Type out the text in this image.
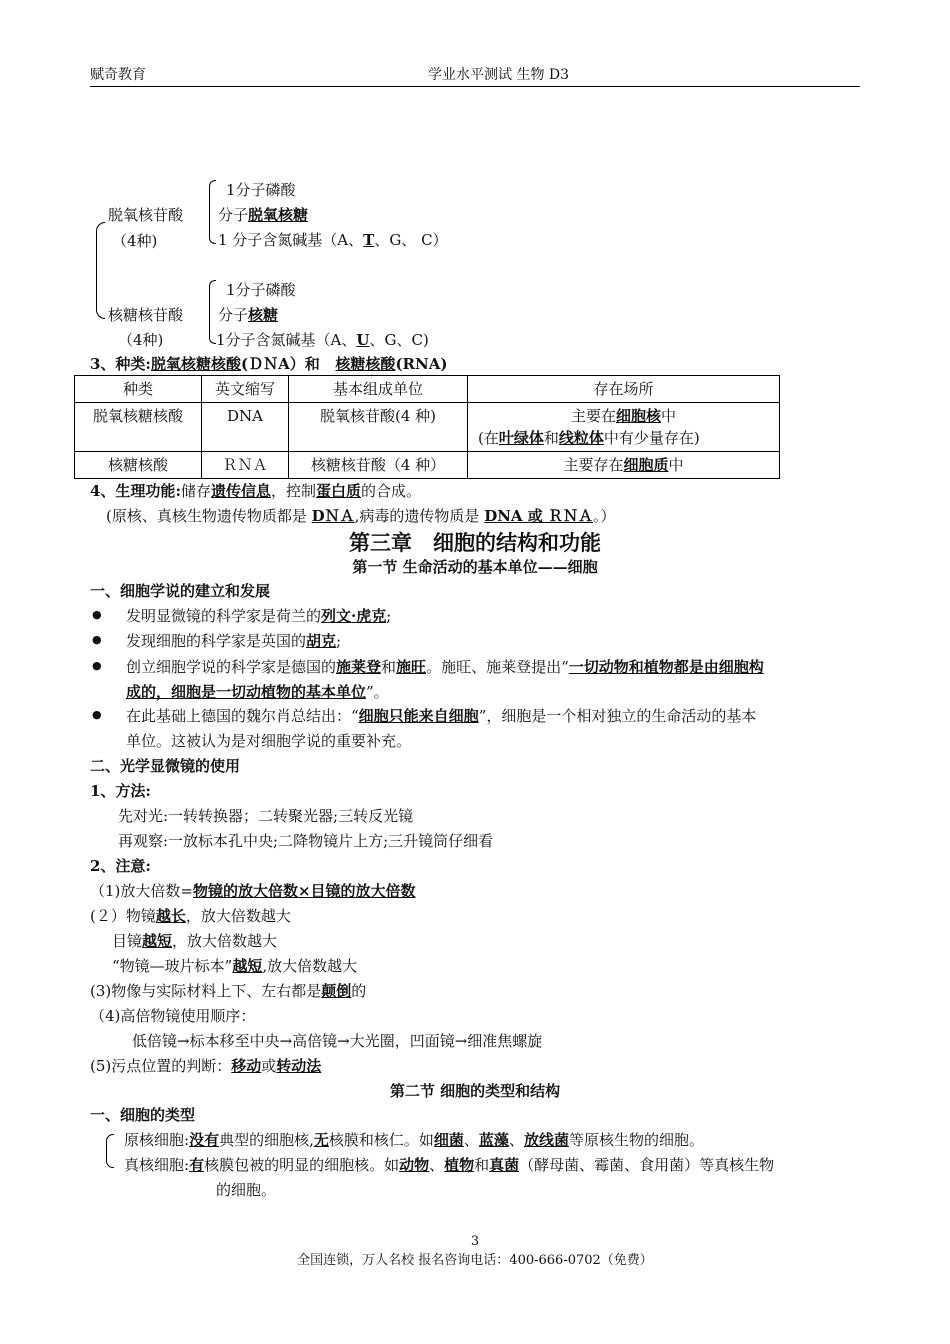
赋奇教育	学业水平测试 生物 D3
脱氧核苷酸
（4种)
1分子磷酸
分子脱氧核糖
1 分子含氮碱基（A、T、G、 C）
核糖核苷酸
（4种)
1分子磷酸
分子核糖
1分子含氮碱基（A、U、G、C)
3、种类:脱氧核糖核酸(ＤＮA）和 核糖核酸(RNA)
种类	英文缩写	基本组成单位	存在场所
脱氧核糖核酸	DNA	脱氧核苷酸(4 种)	主要在细胞核中
(在叶绿体和线粒体中有少量存在)

核糖核酸	ＲＮＡ	核糖核苷酸（4 种）	主要存在细胞质中
4、生理功能:储存遗传信息，控制蛋白质的合成。
(原核、真核生物遗传物质都是 DＮＡ,病毒的遗传物质是 DNA 或 ＲＮＡ。）
第三章　细胞的结构和功能
第一节 生命活动的基本单位——细胞
一、细胞学说的建立和发展
● 发明显微镜的科学家是荷兰的列文·虎克;
● 发现细胞的科学家是英国的胡克;
● 创立细胞学说的科学家是德国的施莱登和施旺。施旺、施莱登提出“一切动物和植物都是由细胞构
成的，细胞是一切动植物的基本单位”。
● 在此基础上德国的魏尔肖总结出：“细胞只能来自细胞”，细胞是一个相对独立的生命活动的基本
单位。这被认为是对细胞学说的重要补充。
二、光学显微镜的使用
1、方法:
先对光:一转转换器；二转聚光器;三转反光镜
再观察:一放标本孔中央;二降物镜片上方;三升镜筒仔细看
2、注意:
（1)放大倍数=物镜的放大倍数×目镜的放大倍数
(２）物镜越长，放大倍数越大
目镜越短，放大倍数越大
“物镜—玻片标本”越短,放大倍数越大
(3)物像与实际材料上下、左右都是颠倒的
（4)高倍物镜使用顺序：
低倍镜→标本移至中央→高倍镜→大光圈，凹面镜→细准焦螺旋
(5)污点位置的判断：移动或转动法
第二节 细胞的类型和结构
一、细胞的类型
原核细胞:没有典型的细胞核,无核膜和核仁。如细菌、蓝藻、放线菌等原核生物的细胞。
真核细胞:有核膜包被的明显的细胞核。如动物、植物和真菌（酵母菌、霉菌、食用菌）等真核生物
的细胞。
3
全国连锁，万人名校 报名咨询电话：400-666-0702（免费）
